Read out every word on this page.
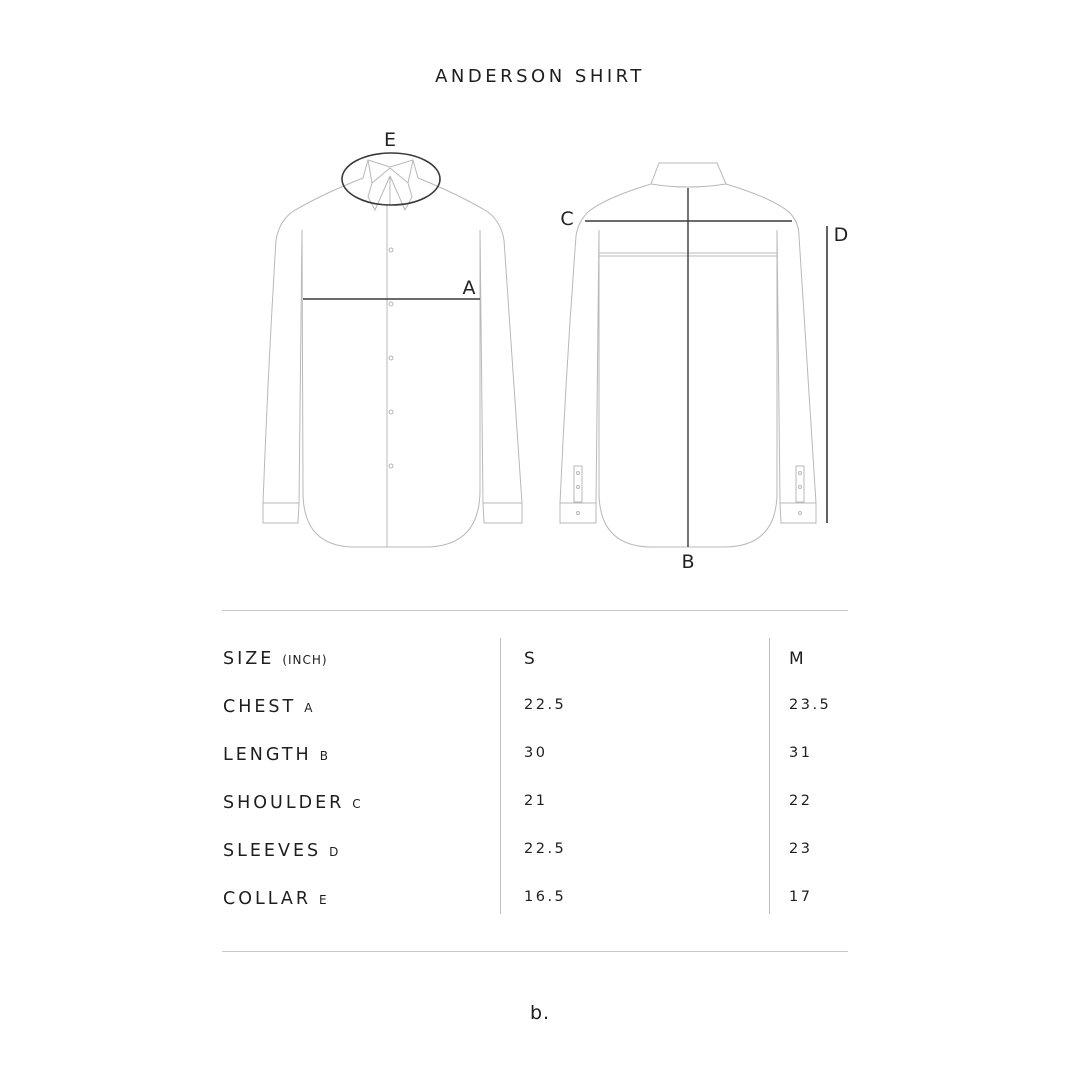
ANDERSON SHIRT
E
A
C
D
B
SIZE (INCH)	S	M
CHEST A	22.5	23.5
LENGTH B	30	31
SHOULDER C	21	22
SLEEVES D	22.5	23
COLLAR E	16.5	17
b.
